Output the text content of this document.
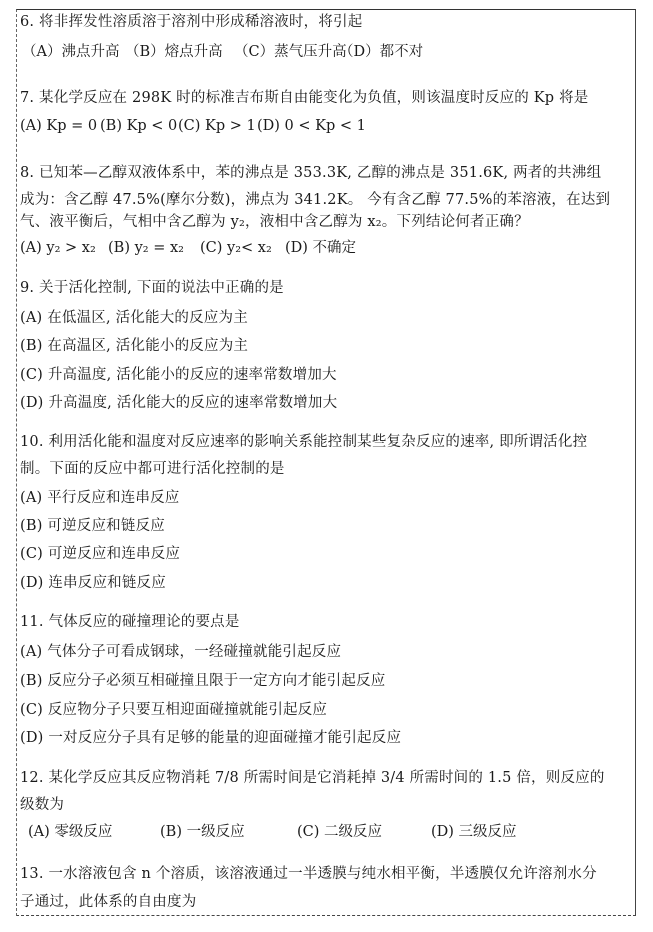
6. 将非挥发性溶质溶于溶剂中形成稀溶液时，将引起
（A）沸点升高 （B）熔点升高 （C）蒸气压升高
（D）都不对
7. 某化学反应在 298K 时的标准吉布斯自由能变化为负值，则该温度时反应的 Kp 将是
(A) Kp = 0 (B) Kp < 0 (C) Kp > 1 (D) 0 < Kp < 1
8. 已知苯—乙醇双液体系中，苯的沸点是 353.3K, 乙醇的沸点是 351.6K, 两者的共沸组
成为：含乙醇 47.5%(摩尔分数)，沸点为 341.2K。 今有含乙醇 77.5%的苯溶液，在达到
气、液平衡后，气相中含乙醇为 y₂，液相中含乙醇为 x₂。下列结论何者正确？
(A) y₂ > x₂ (B) y₂ = x₂ (C) y₂< x₂ (D) 不确定
9. 关于活化控制, 下面的说法中正确的是
(A) 在低温区, 活化能大的反应为主
(B) 在高温区, 活化能小的反应为主
(C) 升高温度, 活化能小的反应的速率常数增加大
(D) 升高温度, 活化能大的反应的速率常数增加大
10. 利用活化能和温度对反应速率的影响关系能控制某些复杂反应的速率, 即所谓活化控
制。下面的反应中都可进行活化控制的是
(A) 平行反应和连串反应
(B) 可逆反应和链反应
(C) 可逆反应和连串反应
(D) 连串反应和链反应
11. 气体反应的碰撞理论的要点是
(A) 气体分子可看成钢球，一经碰撞就能引起反应
(B) 反应分子必须互相碰撞且限于一定方向才能引起反应
(C) 反应物分子只要互相迎面碰撞就能引起反应
(D) 一对反应分子具有足够的能量的迎面碰撞才能引起反应
12. 某化学反应其反应物消耗 7/8 所需时间是它消耗掉 3/4 所需时间的 1.5 倍，则反应的
级数为
(A) 零级反应	(B) 一级反应	(C) 二级反应	(D) 三级反应
13. 一水溶液包含 n 个溶质，该溶液通过一半透膜与纯水相平衡，半透膜仅允许溶剂水分
子通过，此体系的自由度为
